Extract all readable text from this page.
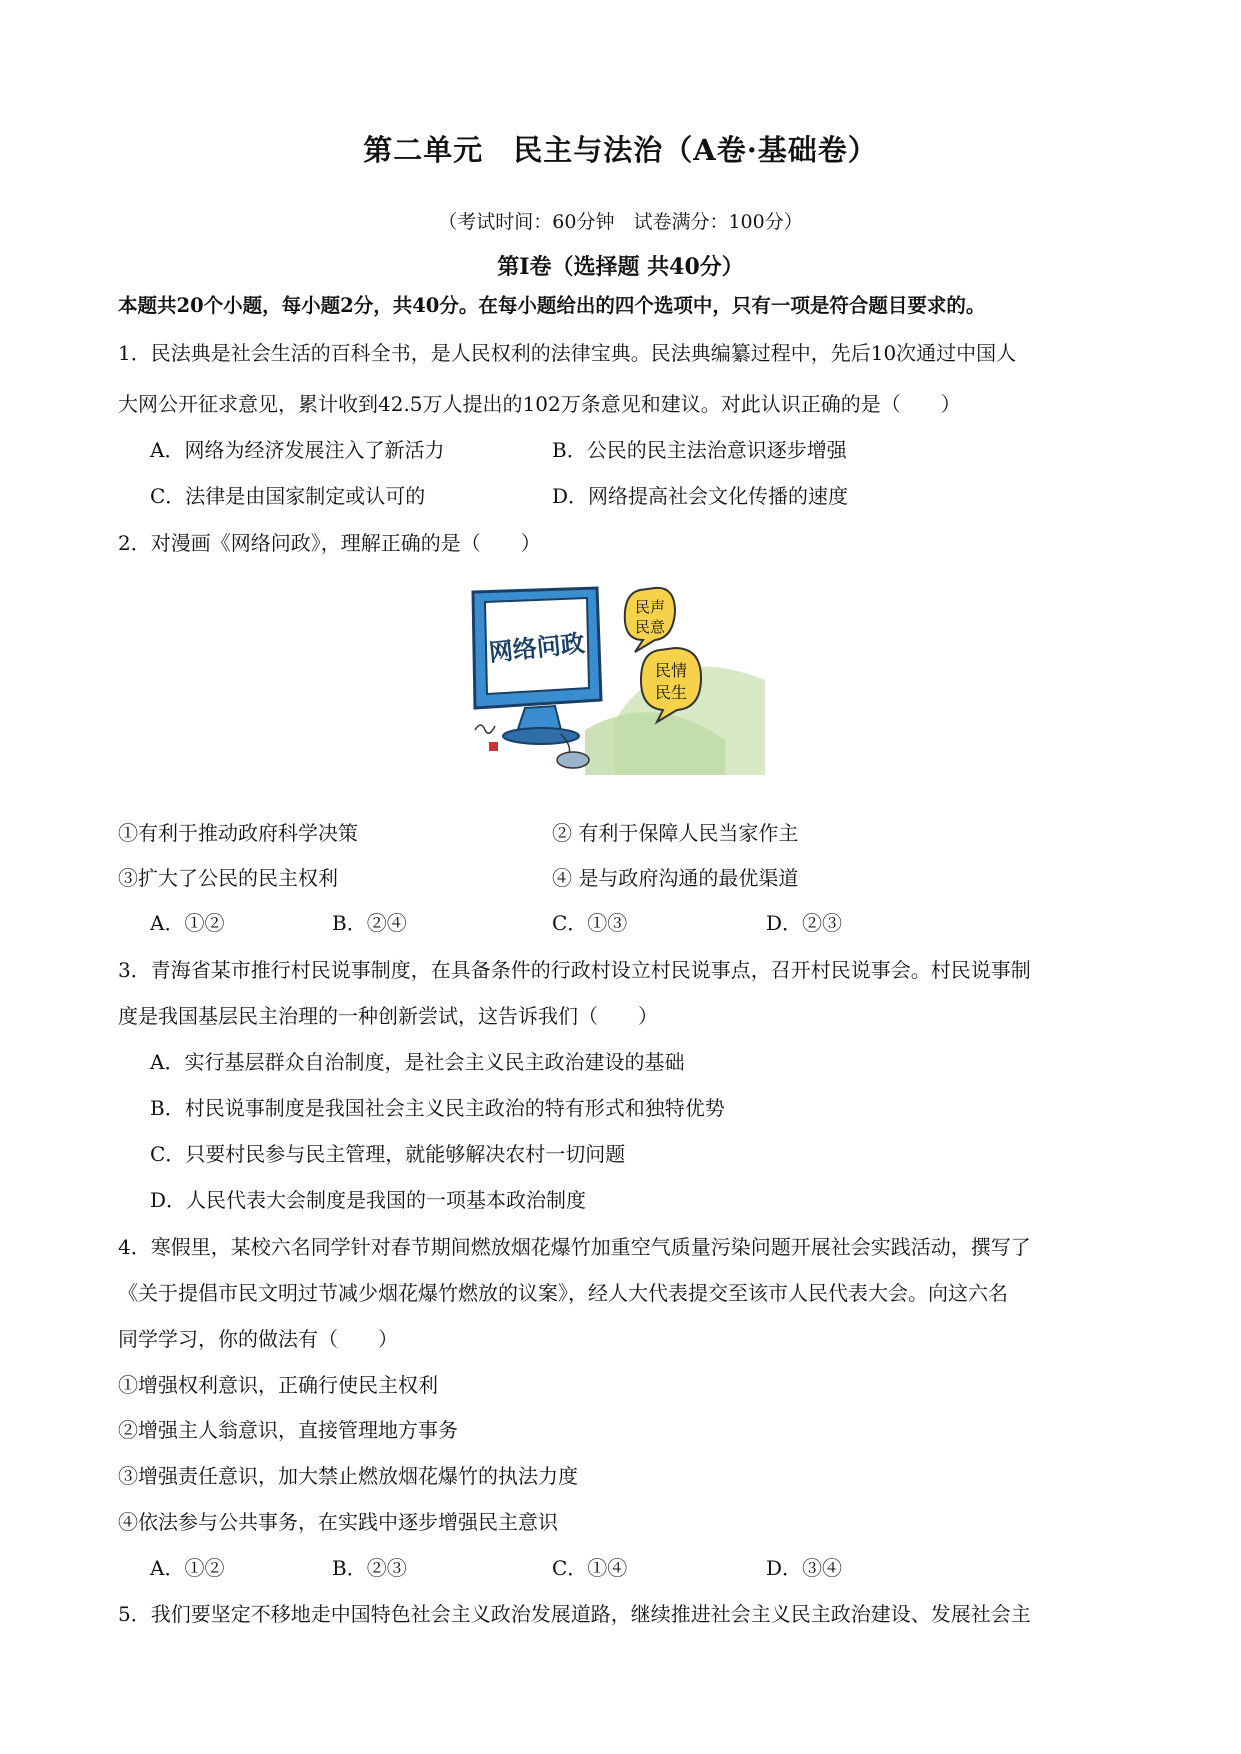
第二单元　民主与法治（A卷·基础卷）
（考试时间：60分钟　试卷满分：100分）
第Ⅰ卷（选择题 共40分）
本题共20个小题，每小题2分，共40分。在每小题给出的四个选项中，只有一项是符合题目要求的。
1．民法典是社会生活的百科全书，是人民权利的法律宝典。民法典编纂过程中，先后10次通过中国人
大网公开征求意见，累计收到42.5万人提出的102万条意见和建议。对此认识正确的是（　　）
A．网络为经济发展注入了新活力	B．公民的民主法治意识逐步增强
C．法律是由国家制定或认可的	D．网络提高社会文化传播的速度
2．对漫画《网络问政》，理解正确的是（　　）
网络问政
民声
民意
民情
民生
①有利于推动政府科学决策	② 有利于保障人民当家作主
③扩大了公民的民主权利	④ 是与政府沟通的最优渠道
A．①②	B．②④	C．①③	D．②③
3．青海省某市推行村民说事制度，在具备条件的行政村设立村民说事点，召开村民说事会。村民说事制
度是我国基层民主治理的一种创新尝试，这告诉我们（　　）
A．实行基层群众自治制度，是社会主义民主政治建设的基础
B．村民说事制度是我国社会主义民主政治的特有形式和独特优势
C．只要村民参与民主管理，就能够解决农村一切问题
D．人民代表大会制度是我国的一项基本政治制度
4．寒假里，某校六名同学针对春节期间燃放烟花爆竹加重空气质量污染问题开展社会实践活动，撰写了
《关于提倡市民文明过节减少烟花爆竹燃放的议案》，经人大代表提交至该市人民代表大会。向这六名
同学学习，你的做法有（　　）
①增强权利意识，正确行使民主权利
②增强主人翁意识，直接管理地方事务
③增强责任意识，加大禁止燃放烟花爆竹的执法力度
④依法参与公共事务，在实践中逐步增强民主意识
A．①②	B．②③	C．①④	D．③④
5．我们要坚定不移地走中国特色社会主义政治发展道路，继续推进社会主义民主政治建设、发展社会主
